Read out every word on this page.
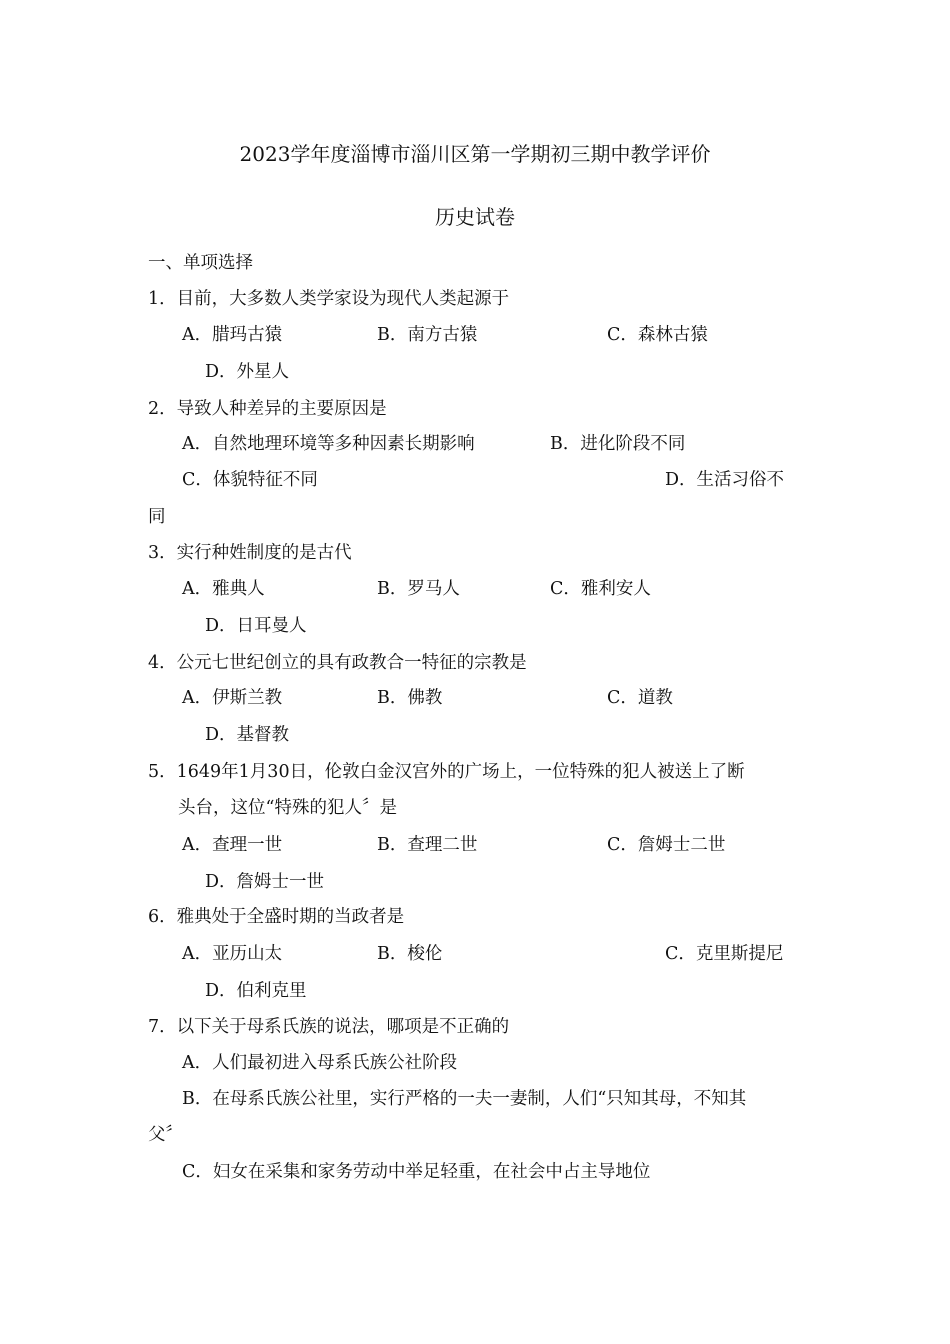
2023学年度淄博市淄川区第一学期初三期中教学评价
历史试卷
一、单项选择
1．目前，大多数人类学家设为现代人类起源于
A．腊玛古猿	B．南方古猿	C．森林古猿
D．外星人
2．导致人种差异的主要原因是
A．自然地理环境等多种因素长期影响	B．进化阶段不同
C．体貌特征不同	D．生活习俗不
同
3．实行种姓制度的是古代
A．雅典人	B．罗马人	C．雅利安人
D．日耳曼人
4．公元七世纪创立的具有政教合一特征的宗教是
A．伊斯兰教	B．佛教	C．道教
D．基督教
5．1649年1月30日，伦敦白金汉宫外的广场上，一位特殊的犯人被送上了断
头台，这位“特殊的犯人〞是
A．查理一世	B．查理二世	C．詹姆士二世
D．詹姆士一世
6．雅典处于全盛时期的当政者是
A．亚历山太	B．梭伦	C．克里斯提尼
D．伯利克里
7．以下关于母系氏族的说法，哪项是不正确的
A．人们最初进入母系氏族公社阶段
B．在母系氏族公社里，实行严格的一夫一妻制，人们“只知其母，不知其
父〞
C．妇女在采集和家务劳动中举足轻重，在社会中占主导地位
